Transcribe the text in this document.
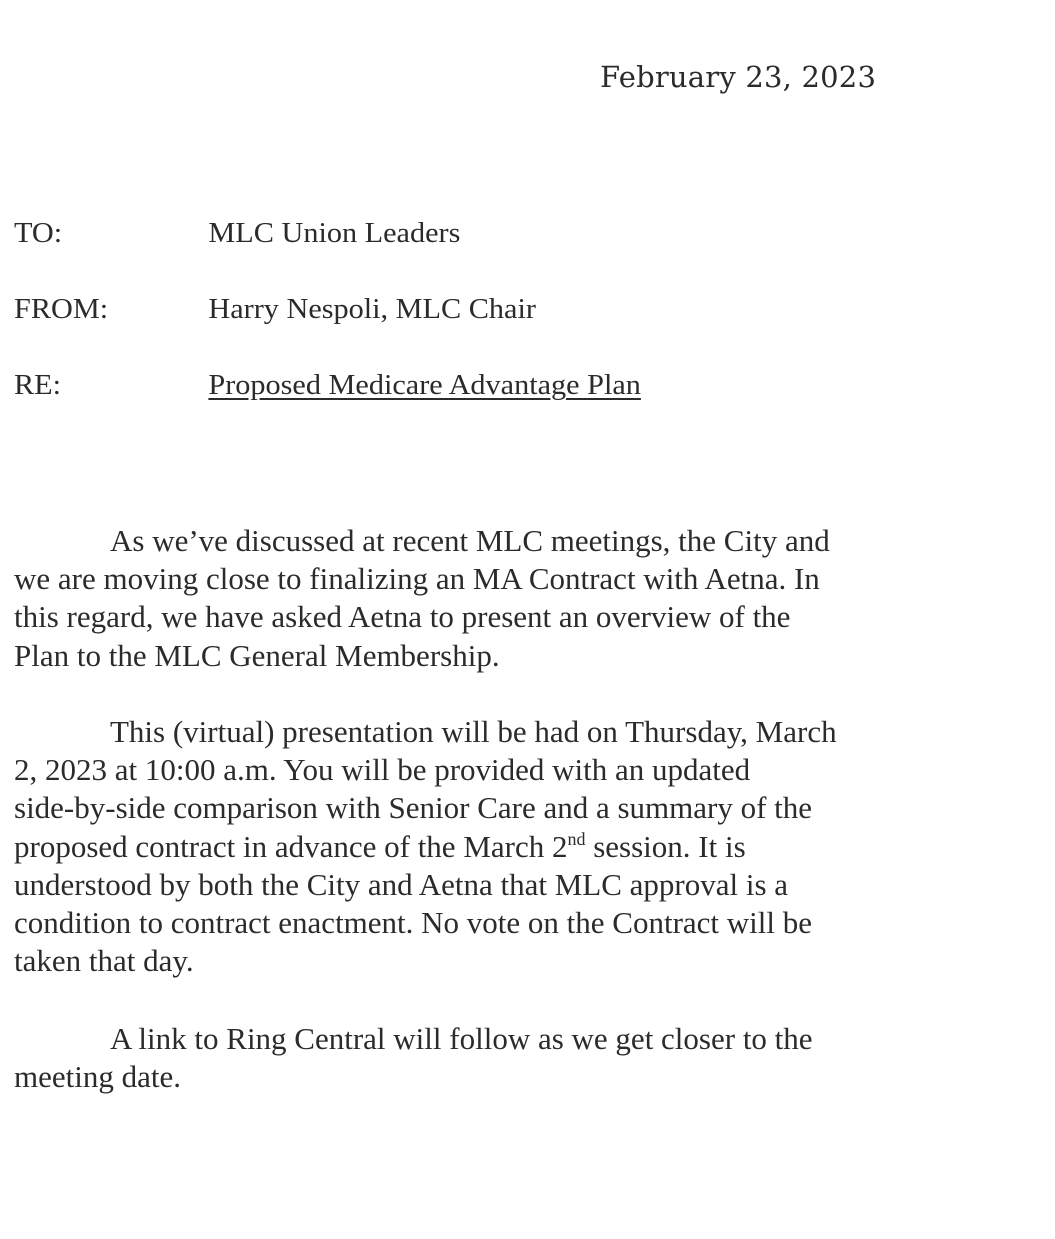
February 23, 2023
TO:	MLC Union Leaders
FROM:	Harry Nespoli, MLC Chair
RE:	Proposed Medicare Advantage Plan
As we’ve discussed at recent MLC meetings, the City and
we are moving close to finalizing an MA Contract with Aetna. In
this regard, we have asked Aetna to present an overview of the
Plan to the MLC General Membership.
This (virtual) presentation will be had on Thursday, March
2, 2023 at 10:00 a.m. You will be provided with an updated
side-by-side comparison with Senior Care and a summary of the
proposed contract in advance of the March 2nd session. It is
understood by both the City and Aetna that MLC approval is a
condition to contract enactment. No vote on the Contract will be
taken that day.
A link to Ring Central will follow as we get closer to the
meeting date.
